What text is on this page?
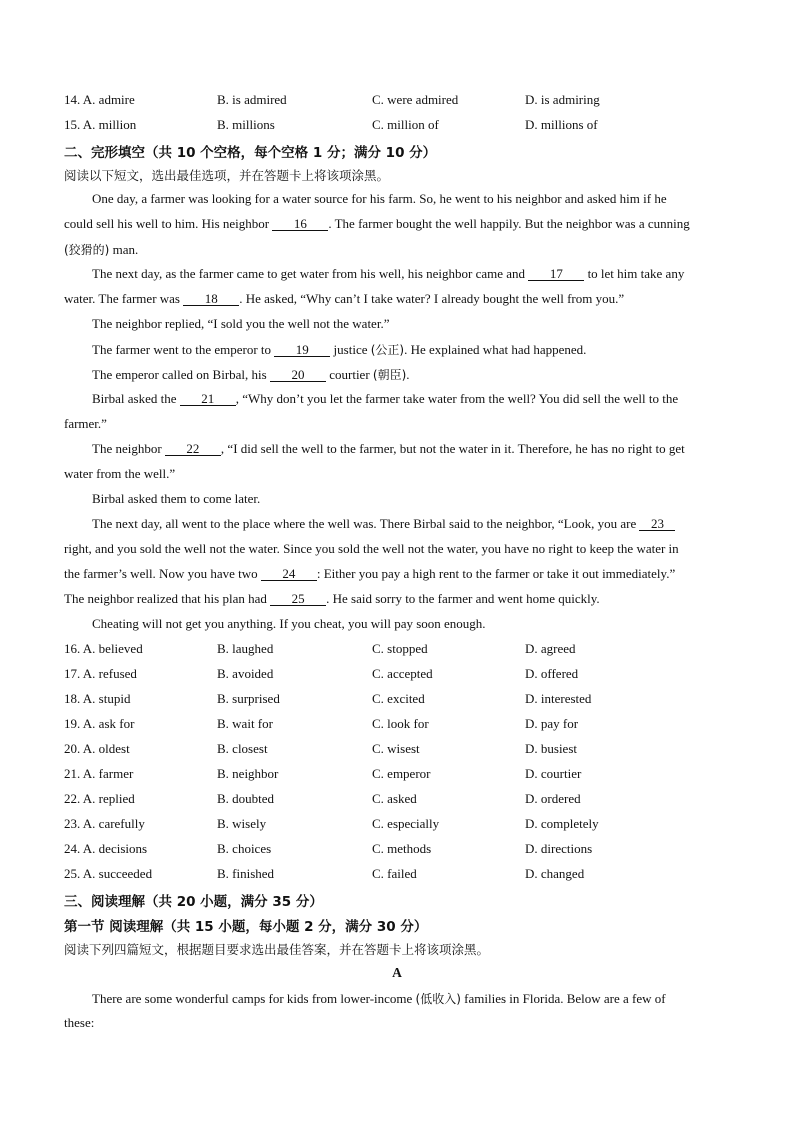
14. A. admire	B. is admired	C. were admired	D. is admiring
15. A. million	B. millions	C. million of	D. millions of
二、完形填空（共 10 个空格，每个空格 1 分；满分 10 分）
阅读以下短文，选出最佳选项，并在答题卡上将该项涂黑。
One day, a farmer was looking for a water source for his farm. So, he went to his neighbor and asked him if he
could sell his well to him. His neighbor 16 . The farmer bought the well happily. But the neighbor was a cunning
(狡猾的) man.
The next day, as the farmer came to get water from his well, his neighbor came and 17 to let him take any
water. The farmer was 18 . He asked, “Why can’t I take water? I already bought the well from you.”
The neighbor replied, “I sold you the well not the water.”
The farmer went to the emperor to 19 justice (公正). He explained what had happened.
The emperor called on Birbal, his 20 courtier (朝臣).
Birbal asked the 21 , “Why don’t you let the farmer take water from the well? You did sell the well to the
farmer.”
The neighbor 22 , “I did sell the well to the farmer, but not the water in it. Therefore, he has no right to get
water from the well.”
Birbal asked them to come later.
The next day, all went to the place where the well was. There Birbal said to the neighbor, “Look, you are 23
right, and you sold the well not the water. Since you sold the well not the water, you have no right to keep the water in
the farmer’s well. Now you have two 24 : Either you pay a high rent to the farmer or take it out immediately.”
The neighbor realized that his plan had 25 . He said sorry to the farmer and went home quickly.
Cheating will not get you anything. If you cheat, you will pay soon enough.
16. A. believed	B. laughed	C. stopped	D. agreed
17. A. refused	B. avoided	C. accepted	D. offered
18. A. stupid	B. surprised	C. excited	D. interested
19. A. ask for	B. wait for	C. look for	D. pay for
20. A. oldest	B. closest	C. wisest	D. busiest
21. A. farmer	B. neighbor	C. emperor	D. courtier
22. A. replied	B. doubted	C. asked	D. ordered
23. A. carefully	B. wisely	C. especially	D. completely
24. A. decisions	B. choices	C. methods	D. directions
25. A. succeeded	B. finished	C. failed	D. changed
三、阅读理解（共 20 小题，满分 35 分）
第一节 阅读理解（共 15 小题，每小题 2 分，满分 30 分）
阅读下列四篇短文，根据题目要求选出最佳答案，并在答题卡上将该项涂黑。
A
There are some wonderful camps for kids from lower-income (低收入) families in Florida. Below are a few of
these:
